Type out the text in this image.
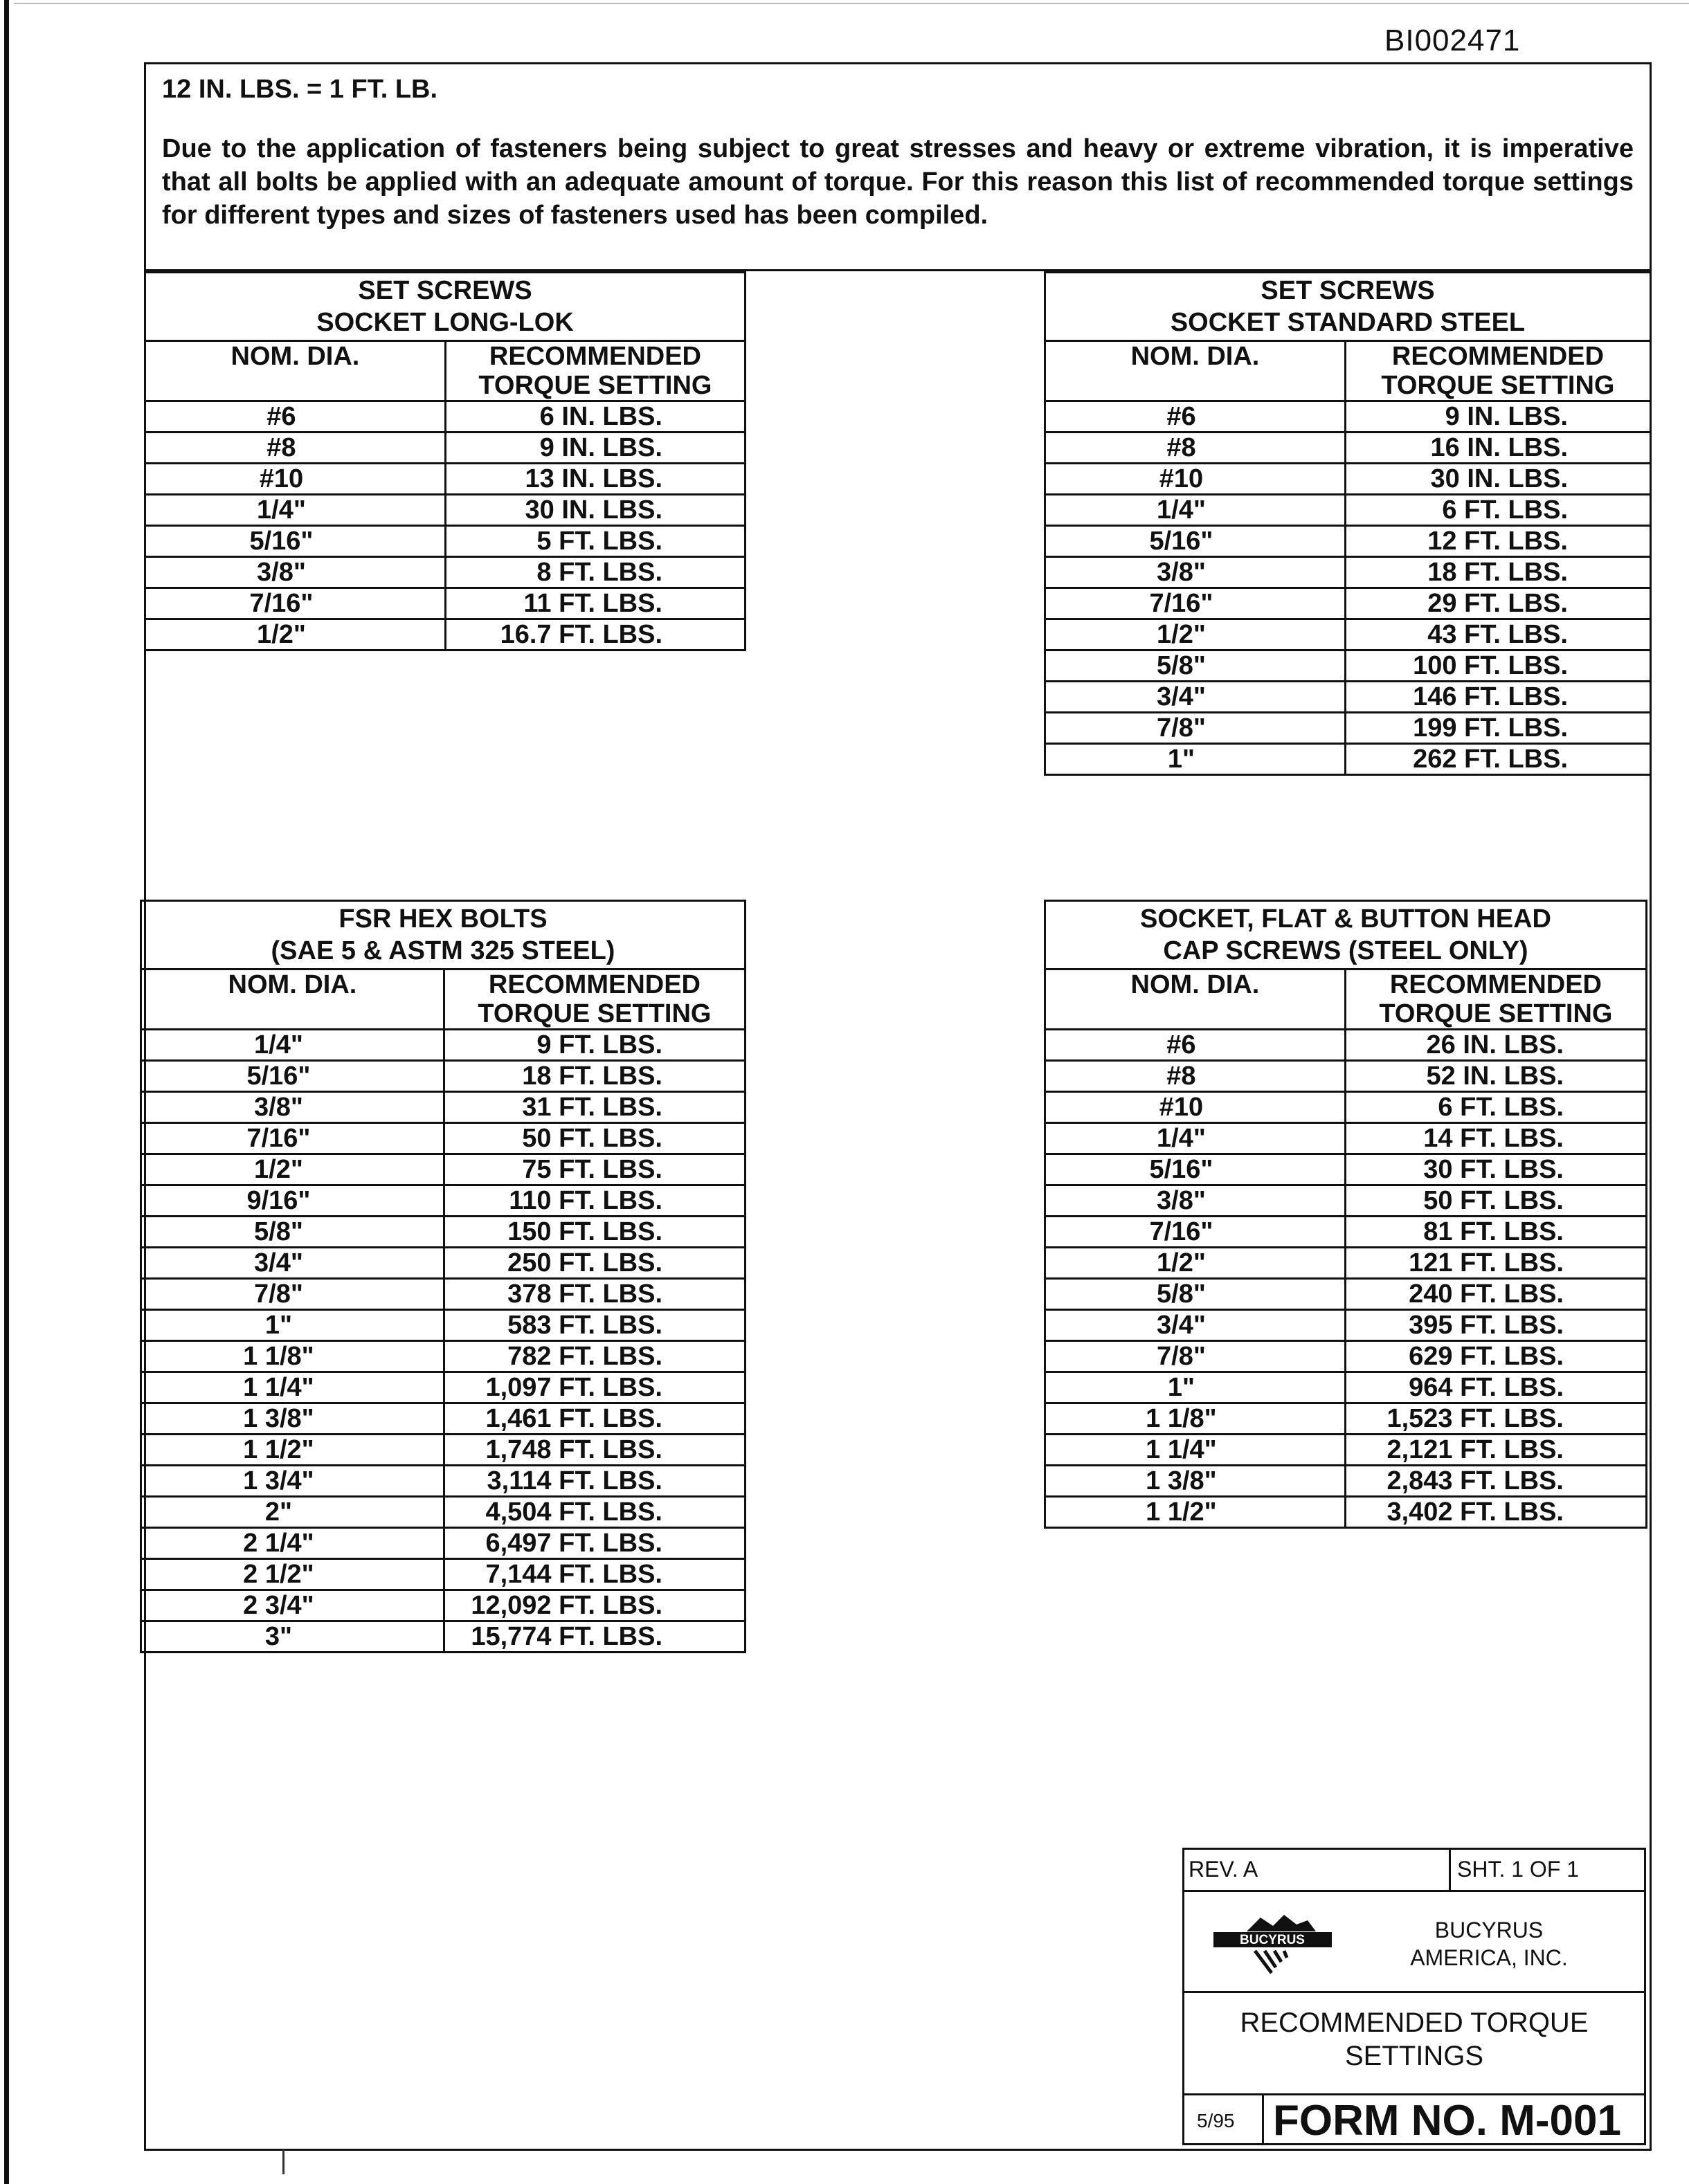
BI002471
12 IN. LBS. = 1 FT. LB.
Due to the application of fasteners being subject to great stresses and heavy or extreme vibration, it is imperative that all bolts be applied with an adequate amount of torque. For this reason this list of recommended torque settings for different types and sizes of fasteners used has been compiled.
SET SCREWS
SOCKET LONG-LOK	

NOM. DIA.	RECOMMENDED
TORQUE SETTING

#6	6 IN. LBS.
#8	9 IN. LBS.
#10	13 IN. LBS.
1/4"	30 IN. LBS.
5/16"	5 FT. LBS.
3/8"	8 FT. LBS.
7/16"	11 FT. LBS.
1/2"	16.7 FT. LBS.
SET SCREWS
SOCKET STANDARD STEEL	

NOM. DIA.	RECOMMENDED
TORQUE SETTING

#6	9 IN. LBS.
#8	16 IN. LBS.
#10	30 IN. LBS.
1/4"	6 FT. LBS.
5/16"	12 FT. LBS.
3/8"	18 FT. LBS.
7/16"	29 FT. LBS.
1/2"	43 FT. LBS.
5/8"	100 FT. LBS.
3/4"	146 FT. LBS.
7/8"	199 FT. LBS.
1"	262 FT. LBS.
FSR HEX BOLTS
(SAE 5 & ASTM 325 STEEL)	

NOM. DIA.	RECOMMENDED
TORQUE SETTING

1/4"	9 FT. LBS.
5/16"	18 FT. LBS.
3/8"	31 FT. LBS.
7/16"	50 FT. LBS.
1/2"	75 FT. LBS.
9/16"	110 FT. LBS.
5/8"	150 FT. LBS.
3/4"	250 FT. LBS.
7/8"	378 FT. LBS.
1"	583 FT. LBS.
1 1/8"	782 FT. LBS.
1 1/4"	1,097 FT. LBS.
1 3/8"	1,461 FT. LBS.
1 1/2"	1,748 FT. LBS.
1 3/4"	3,114 FT. LBS.
2"	4,504 FT. LBS.
2 1/4"	6,497 FT. LBS.
2 1/2"	7,144 FT. LBS.
2 3/4"	12,092 FT. LBS.
3"	15,774 FT. LBS.
SOCKET, FLAT & BUTTON HEAD
CAP SCREWS (STEEL ONLY)	

NOM. DIA.	RECOMMENDED
TORQUE SETTING

#6	26 IN. LBS.
#8	52 IN. LBS.
#10	6 FT. LBS.
1/4"	14 FT. LBS.
5/16"	30 FT. LBS.
3/8"	50 FT. LBS.
7/16"	81 FT. LBS.
1/2"	121 FT. LBS.
5/8"	240 FT. LBS.
3/4"	395 FT. LBS.
7/8"	629 FT. LBS.
1"	964 FT. LBS.
1 1/8"	1,523 FT. LBS.
1 1/4"	2,121 FT. LBS.
1 3/8"	2,843 FT. LBS.
1 1/2"	3,402 FT. LBS.
REV. A	SHT. 1 OF 1
BUCYRUS	BUCYRUS
AMERICA, INC.
RECOMMENDED TORQUE
SETTINGS
5/95 FORM NO. M-001
